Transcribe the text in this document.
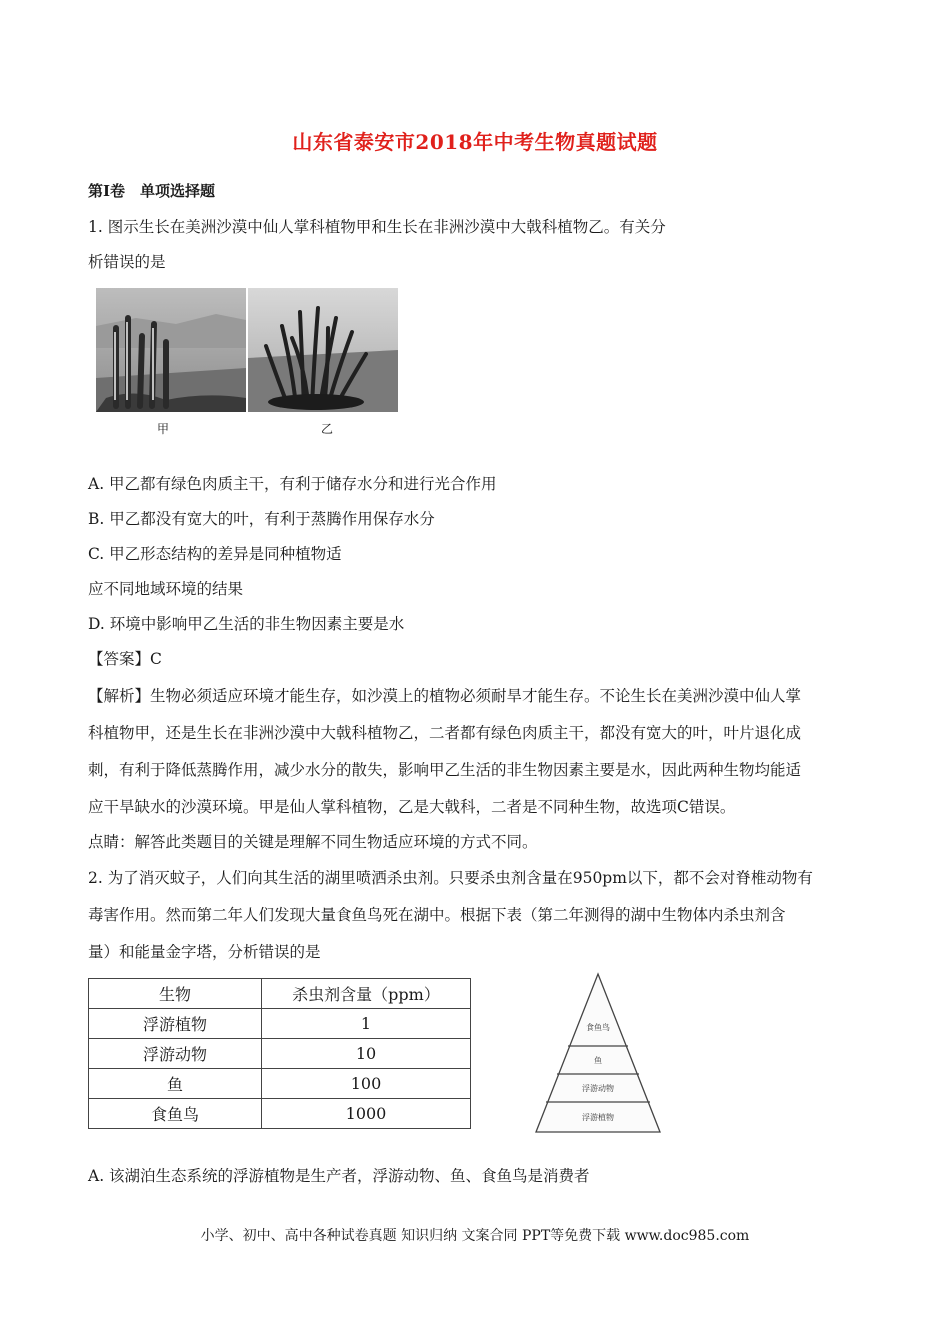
山东省泰安市2018年中考生物真题试题
第Ⅰ卷　单项选择题
1. 图示生长在美洲沙漠中仙人掌科植物甲和生长在非洲沙漠中大戟科植物乙。有关分
析错误的是
甲	乙
A. 甲乙都有绿色肉质主干，有利于储存水分和进行光合作用
B. 甲乙都没有宽大的叶，有利于蒸腾作用保存水分
C. 甲乙形态结构的差异是同种植物适
应不同地域环境的结果
D. 环境中影响甲乙生活的非生物因素主要是水
【答案】C
【解析】生物必须适应环境才能生存，如沙漠上的植物必须耐旱才能生存。不论生长在美洲沙漠中仙人掌
科植物甲，还是生长在非洲沙漠中大戟科植物乙，二者都有绿色肉质主干，都没有宽大的叶，叶片退化成
刺，有利于降低蒸腾作用，减少水分的散失，影响甲乙生活的非生物因素主要是水，因此两种生物均能适
应干旱缺水的沙漠环境。甲是仙人掌科植物，乙是大戟科，二者是不同种生物，故选项C错误。
点睛：解答此类题目的关键是理解不同生物适应环境的方式不同。
2. 为了消灭蚊子，人们向其生活的湖里喷洒杀虫剂。只要杀虫剂含量在950pm以下，都不会对脊椎动物有
毒害作用。然而第二年人们发现大量食鱼鸟死在湖中。根据下表（第二年测得的湖中生物体内杀虫剂含
量）和能量金字塔，分析错误的是
生物	杀虫剂含量（ppm）
浮游植物	1
浮游动物	10
鱼	100
食鱼鸟	1000
食鱼鸟
鱼
浮游动物
浮游植物
A. 该湖泊生态系统的浮游植物是生产者，浮游动物、鱼、食鱼鸟是消费者
小学、初中、高中各种试卷真题 知识归纳 文案合同 PPT等免费下载 www.doc985.com
